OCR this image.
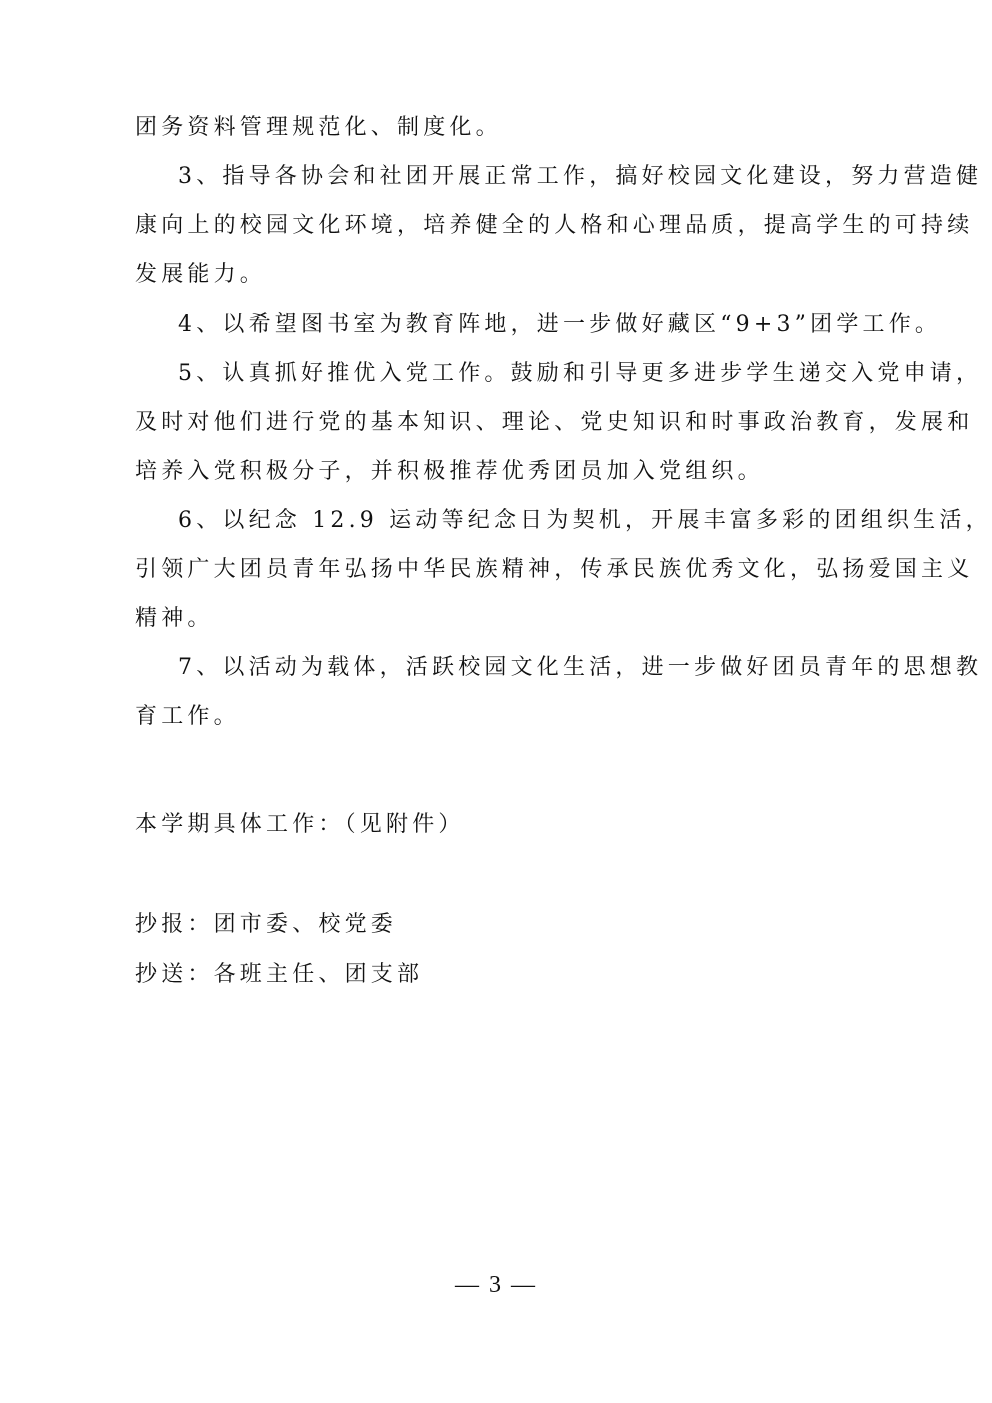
团务资料管理规范化、制度化。
3、指导各协会和社团开展正常工作，搞好校园文化建设，努力营造健
康向上的校园文化环境，培养健全的人格和心理品质，提高学生的可持续
发展能力。
4、以希望图书室为教育阵地，进一步做好藏区“9+3”团学工作。
5、认真抓好推优入党工作。鼓励和引导更多进步学生递交入党申请，
及时对他们进行党的基本知识、理论、党史知识和时事政治教育，发展和
培养入党积极分子，并积极推荐优秀团员加入党组织。
6、以纪念 12.9 运动等纪念日为契机，开展丰富多彩的团组织生活，
引领广大团员青年弘扬中华民族精神，传承民族优秀文化，弘扬爱国主义
精神。
7、以活动为载体，活跃校园文化生活，进一步做好团员青年的思想教
育工作。
本学期具体工作：（见附件）
抄报：团市委、校党委
抄送：各班主任、团支部
— 3 —
